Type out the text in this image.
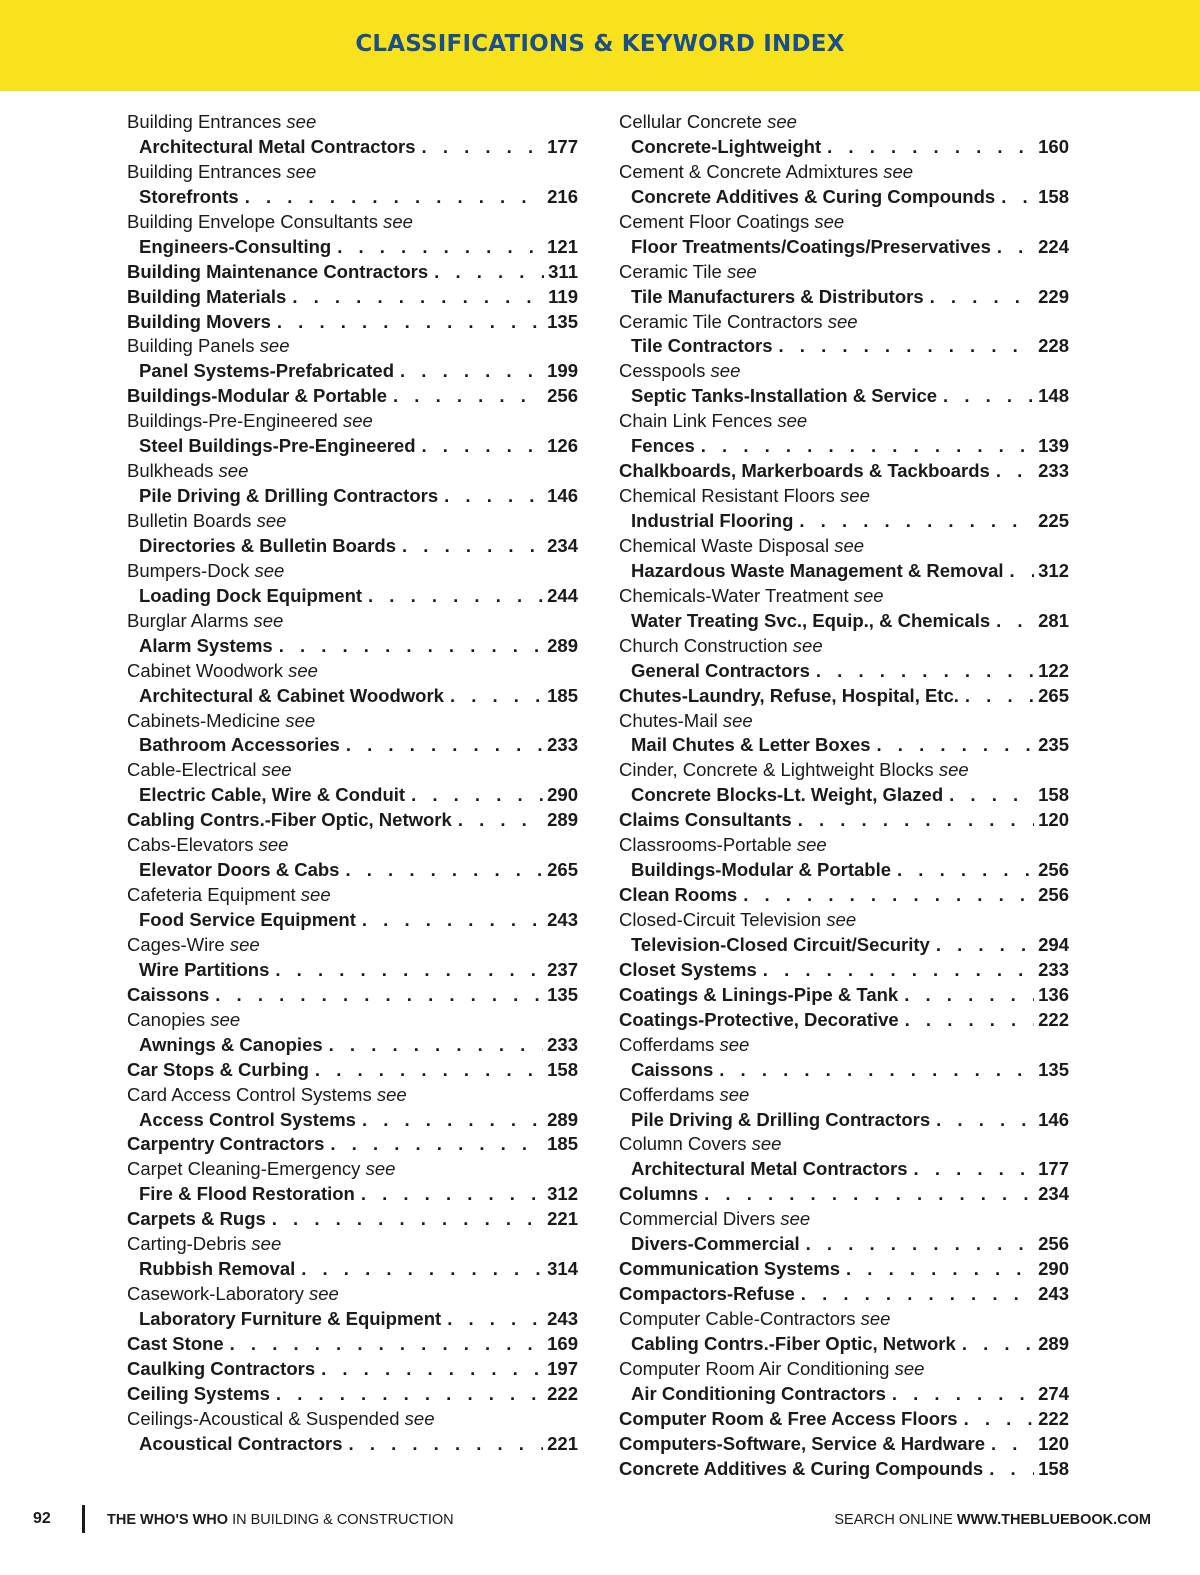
CLASSIFICATIONS & KEYWORD INDEX
Building Entrances see
Architectural Metal Contractors . . .	177
Building Entrances see
Storefronts . . .	216
Building Envelope Consultants see
Engineers-Consulting . . .	121
Building Maintenance Contractors . . .	311
Building Materials . . .	119
Building Movers . . .	135
Building Panels see
Panel Systems-Prefabricated . . .	199
Buildings-Modular & Portable . . .	256
Buildings-Pre-Engineered see
Steel Buildings-Pre-Engineered . . .	126
Bulkheads see
Pile Driving & Drilling Contractors . . .	146
Bulletin Boards see
Directories & Bulletin Boards . . .	234
Bumpers-Dock see
Loading Dock Equipment . . .	244
Burglar Alarms see
Alarm Systems . . .	289
Cabinet Woodwork see
Architectural & Cabinet Woodwork . . .	185
Cabinets-Medicine see
Bathroom Accessories . . .	233
Cable-Electrical see
Electric Cable, Wire & Conduit . . .	290
Cabling Contrs.-Fiber Optic, Network . . .	289
Cabs-Elevators see
Elevator Doors & Cabs . . .	265
Cafeteria Equipment see
Food Service Equipment . . .	243
Cages-Wire see
Wire Partitions . . .	237
Caissons . . .	135
Canopies see
Awnings & Canopies . . .	233
Car Stops & Curbing . . .	158
Card Access Control Systems see
Access Control Systems . . .	289
Carpentry Contractors . . .	185
Carpet Cleaning-Emergency see
Fire & Flood Restoration . . .	312
Carpets & Rugs . . .	221
Carting-Debris see
Rubbish Removal . . .	314
Casework-Laboratory see
Laboratory Furniture & Equipment . . .	243
Cast Stone . . .	169
Caulking Contractors . . .	197
Ceiling Systems . . .	222
Ceilings-Acoustical & Suspended see
Acoustical Contractors . . .	221
Cellular Concrete see
Concrete-Lightweight . . .	160
Cement & Concrete Admixtures see
Concrete Additives & Curing Compounds . . . 158
Cement Floor Coatings see
Floor Treatments/Coatings/Preservatives . . .	224
Ceramic Tile see
Tile Manufacturers & Distributors . . .	229
Ceramic Tile Contractors see
Tile Contractors . . .	228
Cesspools see
Septic Tanks-Installation & Service . . .	148
Chain Link Fences see
Fences . . .	139
Chalkboards, Markerboards & Tackboards . . .	233
Chemical Resistant Floors see
Industrial Flooring . . .	225
Chemical Waste Disposal see
Hazardous Waste Management & Removal . . . 312
Chemicals-Water Treatment see
Water Treating Svc., Equip., & Chemicals . . .	281
Church Construction see
General Contractors . . .	122
Chutes-Laundry, Refuse, Hospital, Etc. . . .	265
Chutes-Mail see
Mail Chutes & Letter Boxes . . .	235
Cinder, Concrete & Lightweight Blocks see
Concrete Blocks-Lt. Weight, Glazed . . .	158
Claims Consultants . . .	120
Classrooms-Portable see
Buildings-Modular & Portable . . .	256
Clean Rooms . . .	256
Closed-Circuit Television see
Television-Closed Circuit/Security . . .	294
Closet Systems . . .	233
Coatings & Linings-Pipe & Tank . . .	136
Coatings-Protective, Decorative . . .	222
Cofferdams see
Caissons . . .	135
Cofferdams see
Pile Driving & Drilling Contractors . . .	146
Column Covers see
Architectural Metal Contractors . . .	177
Columns . . .	234
Commercial Divers see
Divers-Commercial . . .	256
Communication Systems . . .	290
Compactors-Refuse . . .	243
Computer Cable-Contractors see
Cabling Contrs.-Fiber Optic, Network . . .	289
Computer Room Air Conditioning see
Air Conditioning Contractors . . .	274
Computer Room & Free Access Floors . . .	222
Computers-Software, Service & Hardware . . .	120
Concrete Additives & Curing Compounds . . .	158
92	THE WHO'S WHO IN BUILDING & CONSTRUCTION	SEARCH ONLINE WWW.THEBLUEBOOK.COM
